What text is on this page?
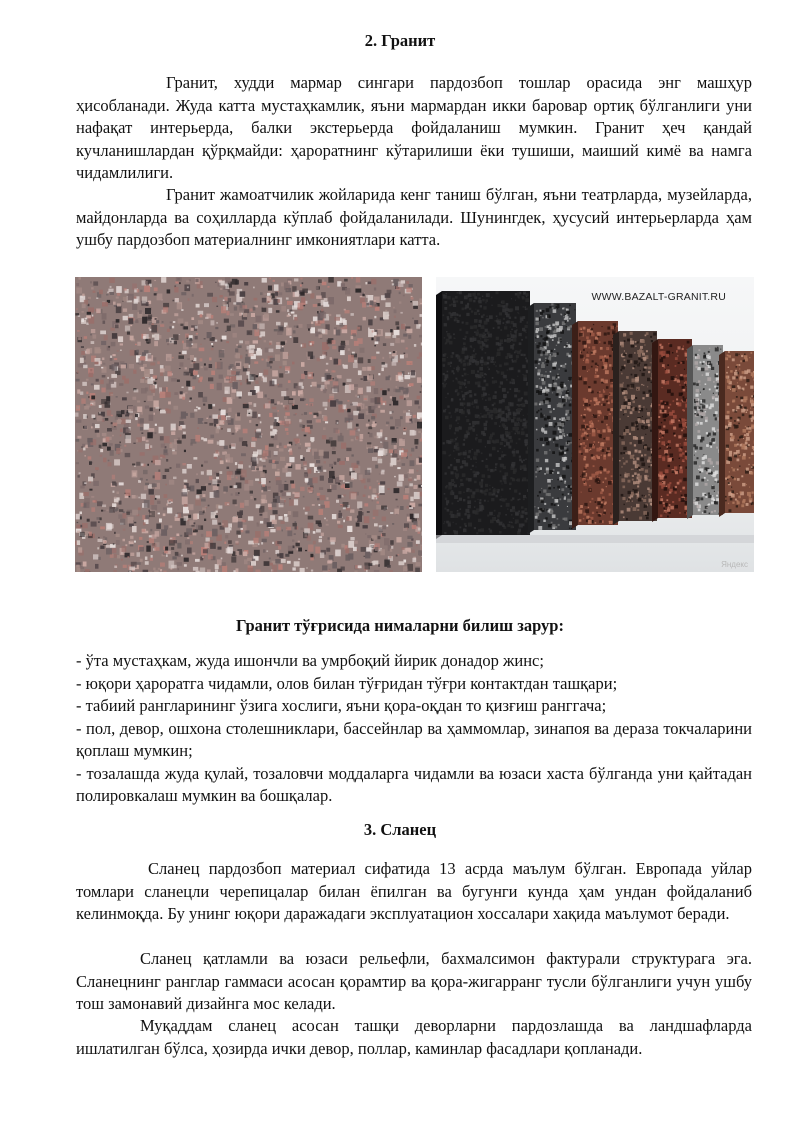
2. Гранит

Гранит, худди мармар сингари пардозбоп тошлар орасида энг машҳур ҳисобланади. Жуда катта мустаҳкамлик, яъни мармардан икки баровар ортиқ бўлганлиги уни нафақат интерьерда, балки экстерьерда фойдаланиш мумкин. Гранит ҳеч қандай кучланишлардан қўрқмайди: ҳароратнинг кўтарилиши ёки тушиши, маиший кимё ва намга чидамлилиги.

Гранит жамоатчилик жойларида кенг таниш бўлган, яъни театрларда, музейларда, майдонларда ва соҳилларда кўплаб фойдаланилади. Шунингдек, ҳусусий интерьерларда ҳам ушбу пардозбоп материалнинг имкониятлари катта.

WWW.BAZALT-GRANIT.RU
Яндекс
Гранит тўғрисида нималарни билиш зарур:
- ўта мустаҳкам, жуда ишончли ва умрбоқий йирик донадор жинс;
- юқори ҳароратга чидамли, олов билан тўғридан тўғри контактдан ташқари;
- табиий рангларининг ўзига хослиги, яъни қора-оқдан то қизғиш ранггача;
- пол, девор, ошхона столешниклари, бассейнлар ва ҳаммомлар, зинапоя ва дераза токчаларини қоплаш мумкин;
- тозалашда жуда қулай, тозаловчи моддаларга чидамли ва юзаси хаста бўлганда уни қайтадан полировкалаш мумкин ва бошқалар.
3. Сланец

Сланец пардозбоп материал сифатида 13 асрда маълум бўлган. Европада уйлар томлари сланецли черепицалар билан ёпилган ва бугунги кунда ҳам ундан фойдаланиб келинмоқда. Бу унинг юқори даражадаги эксплуатацион хоссалари хақида маълумот беради.

Сланец қатламли ва юзаси рельефли, бахмалсимон фактурали структурага эга. Сланецнинг ранглар гаммаси асосан қорамтир ва қора-жигарранг тусли бўлганлиги учун ушбу тош замонавий дизайнга мос келади.

Муқаддам сланец асосан ташқи деворларни пардозлашда ва ландшафларда ишлатилган бўлса, ҳозирда ички девор, поллар, каминлар фасадлари қопланади.
